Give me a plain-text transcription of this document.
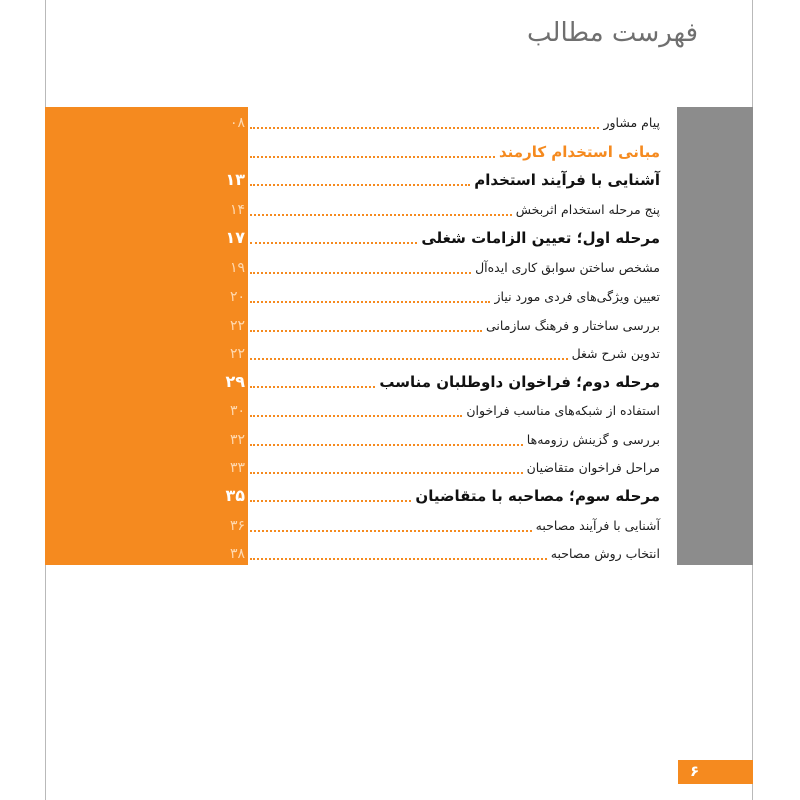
فهرست مطالب
پیام مشاور
۰۸
مبانی استخدام کارمند
آشنایی با فرآیند استخدام
۱۳
پنج مرحله استخدام اثربخش
۱۴
مرحله اول؛ تعیین الزامات شغلی
۱۷
مشخص ساختن سوابق کاری ایده‌آل
۱۹
تعیین ویژگی‌های فردی مورد نیاز
۲۰
بررسی ساختار و فرهنگ سازمانی
۲۲
تدوین شرح شغل
۲۲
مرحله دوم؛ فراخوان داوطلبان مناسب
۲۹
استفاده از شبکه‌های مناسب فراخوان
۳۰
بررسی و گزینش رزومه‌ها
۳۲
مراحل فراخوان متقاضیان
۳۳
مرحله سوم؛ مصاحبه با متقاضیان
۳۵
آشنایی با فرآیند مصاحبه
۳۶
انتخاب روش مصاحبه
۳۸
۶
